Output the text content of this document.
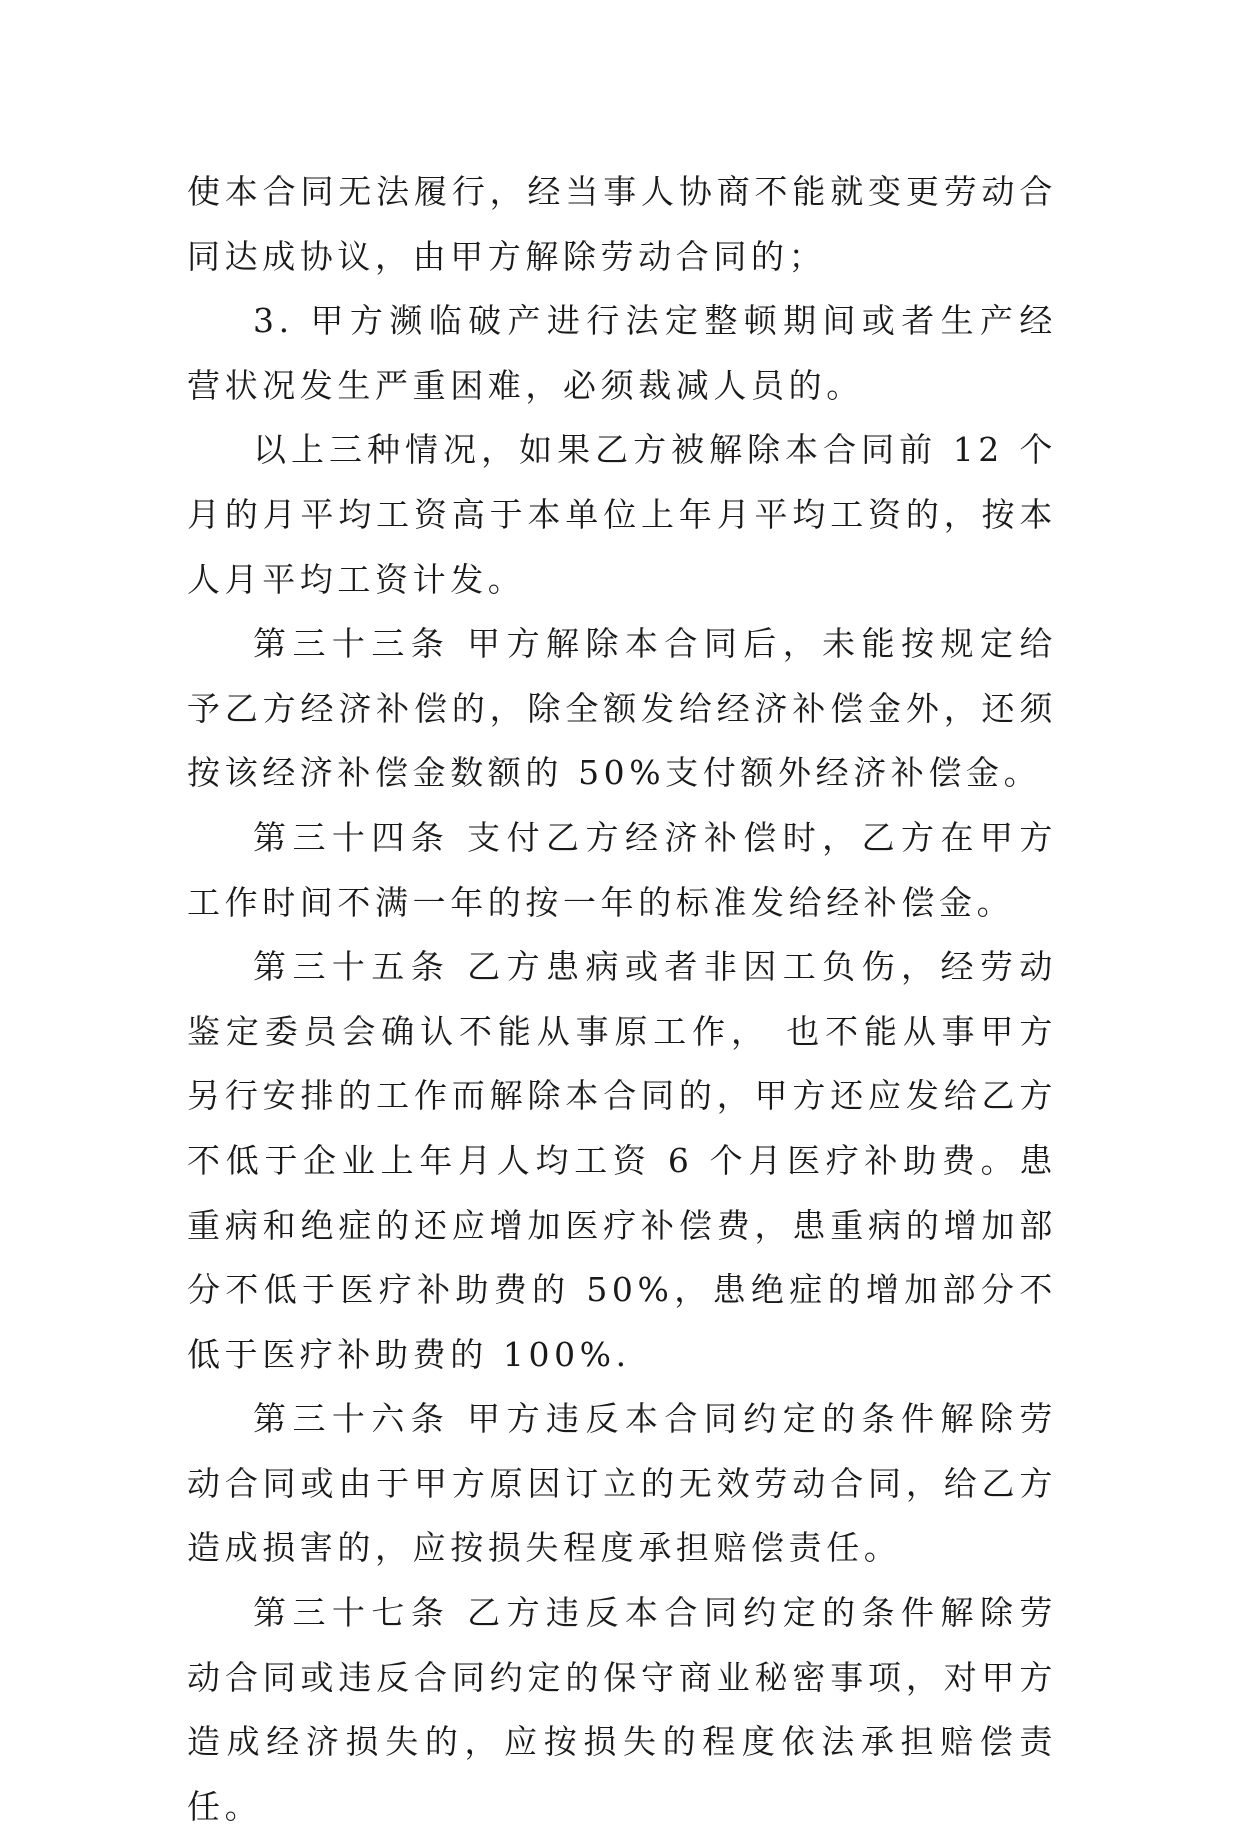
使本合同无法履行，经当事人协商不能就变更劳动合同达成协议，由甲方解除劳动合同的；

3. 甲方濒临破产进行法定整顿期间或者生产经营状况发生严重困难，必须裁减人员的。

以上三种情况，如果乙方被解除本合同前 12 个月的月平均工资高于本单位上年月平均工资的，按本人月平均工资计发。

第三十三条 甲方解除本合同后，未能按规定给予乙方经济补偿的，除全额发给经济补偿金外，还须按该经济补偿金数额的 50%支付额外经济补偿金。

第三十四条 支付乙方经济补偿时，乙方在甲方工作时间不满一年的按一年的标准发给经补偿金。

第三十五条 乙方患病或者非因工负伤，经劳动鉴定委员会确认不能从事原工作， 也不能从事甲方另行安排的工作而解除本合同的，甲方还应发给乙方不低于企业上年月人均工资 6 个月医疗补助费。患重病和绝症的还应增加医疗补偿费，患重病的增加部分不低于医疗补助费的 50%，患绝症的增加部分不低于医疗补助费的 100%.

第三十六条 甲方违反本合同约定的条件解除劳动合同或由于甲方原因订立的无效劳动合同，给乙方造成损害的，应按损失程度承担赔偿责任。

第三十七条 乙方违反本合同约定的条件解除劳动合同或违反合同约定的保守商业秘密事项，对甲方造成经济损失的，应按损失的程度依法承担赔偿责任。
